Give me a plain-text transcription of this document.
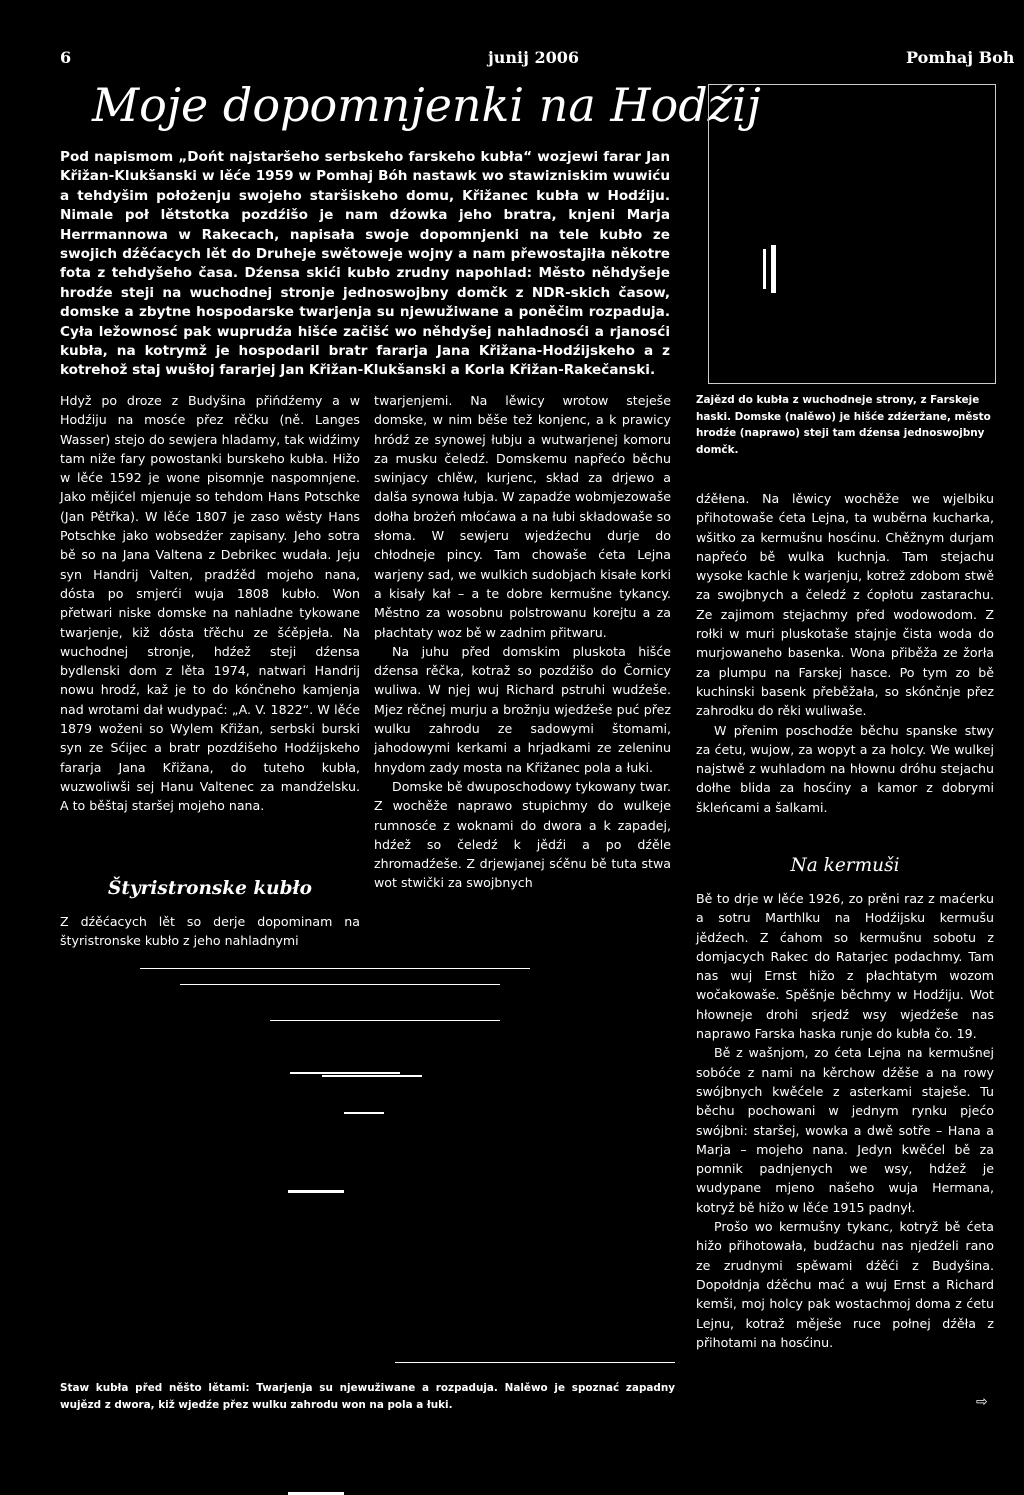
6	junij 2006	Pomhaj Boh
Moje dopomnjenki na Hodźij
Pod napismom „Dońt najstaršeho serbskeho farskeho kubła“ wozjewi farar Jan Křižan-Klukšanski w lěće 1959 w Pomhaj Bóh nastawk wo stawizniskim wuwiću a tehdyšim położenju swojeho staršiskeho domu, Křižanec kubła w Hodźiju. Nimale poł lětstotka pozdźišo je nam dźowka jeho bratra, knjeni Marja Herrmannowa w Rakecach, napisała swoje dopomnjenki na tele kubło ze swojich dźěćacych lět do Druheje swětoweje wojny a nam přewostajiła někotre fota z tehdyšeho časa. Dźensa skići kubło zrudny napohlad: Město něhdyšeje hrodźe steji na wuchodnej stronje jednoswojbny domčk z NDR-skich časow, domske a zbytne hospodarske twarjenja su njewužiwane a poněčim rozpaduja. Cyła ležownosć pak wuprudźa hišće začišć wo něhdyšej nahladnosći a rjanosći kubła, na kotrymž je hospodaril bratr fararja Jana Křižana-Hodźijskeho a z kotrehož staj wušłoj fararjej Jan Křižan-Klukšanski a Korla Křižan-Rakečanski.
Zajězd do kubła z wuchodneje strony, z Farskeje haski. Domske (nalěwo) je hišće zdźeržane, město hrodźe (naprawo) steji tam dźensa jednoswojbny domčk.

Hdyž po droze z Budyšina přińdźemy a w Hodźiju na mosće přez rěčku (ně. Langes Wasser) stejo do sewjera hladamy, tak widźimy tam niže fary powostanki burskeho kubła. Hižo w lěće 1592 je wone pisomnje naspomnjene. Jako mějićel mjenuje so tehdom Hans Potschke (Jan Pětřka). W lěće 1807 je zaso wěsty Hans Potschke jako wobsedźer zapisany. Jeho sotra bě so na Jana Valtena z Debrikec wudała. Jeju syn Handrij Valten, pradźěd mojeho nana, dósta po smjerći wuja 1808 kubło. Won přetwari niske domske na nahladne tykowane twarjenje, kiž dósta třěchu ze šćěpjeła. Na wuchodnej stronje, hdźež steji dźensa bydlenski dom z lěta 1974, natwari Handrij nowu hrodź, kaž je to do kónčneho kamjenja nad wrotami dał wudypać: „A. V. 1822“. W lěće 1879 woženi so Wylem Křižan, serbski burski syn ze Sćijec a bratr pozdźišeho Hodźijskeho fararja Jana Křižana, do tuteho kubła, wuzwoliwši sej Hanu Valtenec za mandźelsku. A to běštaj staršej mojeho nana.

Štyristronske kubło
Z dźěćacych lět so derje dopominam na štyristronske kubło z jeho nahladnymi

twarjenjemi. Na lěwicy wrotow steješe domske, w nim běše tež konjenc, a k prawicy hródź ze synowej łubju a wutwarjenej komoru za musku čeledź. Domskemu napřećo běchu swinjacy chlěw, kurjenc, skład za drjewo a dalša synowa łubja. W zapadźe wobmjezowaše dołha brożeń młoćawa a na łubi składowaše so słoma. W sewjeru wjedźechu durje do chłodneje pincy. Tam chowaše ćeta Lejna warjeny sad, we wulkich sudobjach kisałe korki a kisały kał – a te dobre kermušne tykancy. Městno za wosobnu polstrowanu korejtu a za płachtaty woz bě w zadnim přitwaru.

Na juhu před domskim pluskota hišće dźensa rěčka, kotraž so pozdźišo do Čornicy wuliwa. W njej wuj Richard pstruhi wudźeše. Mjez rěčnej murju a brožnju wjedźeše puć přez wulku zahrodu ze sadowymi štomami, jahodowymi kerkami a hrjadkami ze zeleninu hnydom zady mosta na Křižanec pola a łuki.

Domske bě dwuposchodowy tykowany twar. Z wochěže naprawo stupichmy do wulkeje rumnosće z woknami do dwora a k zapadej, hdźež so čeledź k jědźi a po dźěle zhromadźeše. Z drjewjanej sćěnu bě tuta stwa wot stwički za swojbnych

dźěłena. Na lěwicy wochěže we wjelbiku přihotowaše ćeta Lejna, ta wuběrna kucharka, wšitko za kermušnu hosćinu. Chěžnym durjam napřećo bě wulka kuchnja. Tam stejachu wysoke kachle k warjenju, kotrež zdobom stwě za swojbnych a čeledź z ćopłotu zastarachu. Ze zajimom stejachmy před wodowodom. Z rołki w muri pluskotaše stajnje čista woda do murjowaneho basenka. Wona přiběža ze žorła za plumpu na Farskej hasce. Po tym zo bě kuchinski basenk přeběžała, so skónčnje přez zahrodku do rěki wuliwaše.

W přenim poschodźe běchu spanske stwy za ćetu, wujow, za wopyt a za holcy. We wulkej najstwě z wuhladom na hłownu dróhu stejachu dołhe blida za hosćiny a kamor z dobrymi škleńcami a šalkami.

Na kermuši

Bě to drje w lěće 1926, zo prěni raz z maćerku a sotru Marthlku na Hodźijsku kermušu jědźech. Z ćahom so kermušnu sobotu z domjacych Rakec do Ratarjec podachmy. Tam nas wuj Ernst hižo z płachtatym wozom wočakowaše. Spěšnje běchmy w Hodźiju. Wot hłowneje drohi srjedź wsy wjedźeše nas naprawo Farska haska runje do kubła čo. 19.

Bě z wašnjom, zo ćeta Lejna na kermušnej sobóće z nami na kěrchow dźěše a na rowy swójbnych kwěćele z asterkami staješe. Tu běchu pochowani w jednym rynku pjećo swójbni: staršej, wowka a dwě sotře – Hana a Marja – mojeho nana. Jedyn kwěćel bě za pomnik padnjenych we wsy, hdźež je wudypane mjeno našeho wuja Hermana, kotryž bě hižo w lěće 1915 padnył.

Prošo wo kermušny tykanc, kotryž bě ćeta hižo přihotowała, budźachu nas njedźeli rano ze zrudnymi spěwami dźěći z Budyšina. Dopołdnja dźěchu mać a wuj Ernst a Richard kemši, moj holcy pak wostachmoj doma z ćetu Lejnu, kotraž měješe ruce połnej dźěła z přihotami na hosćinu.

⇨
Staw kubła před něšto lětami: Twarjenja su njewužiwane a rozpaduja. Nalěwo je spoznać zapadny wujězd z dwora, kiž wjedźe přez wulku zahrodu won na pola a łuki.
